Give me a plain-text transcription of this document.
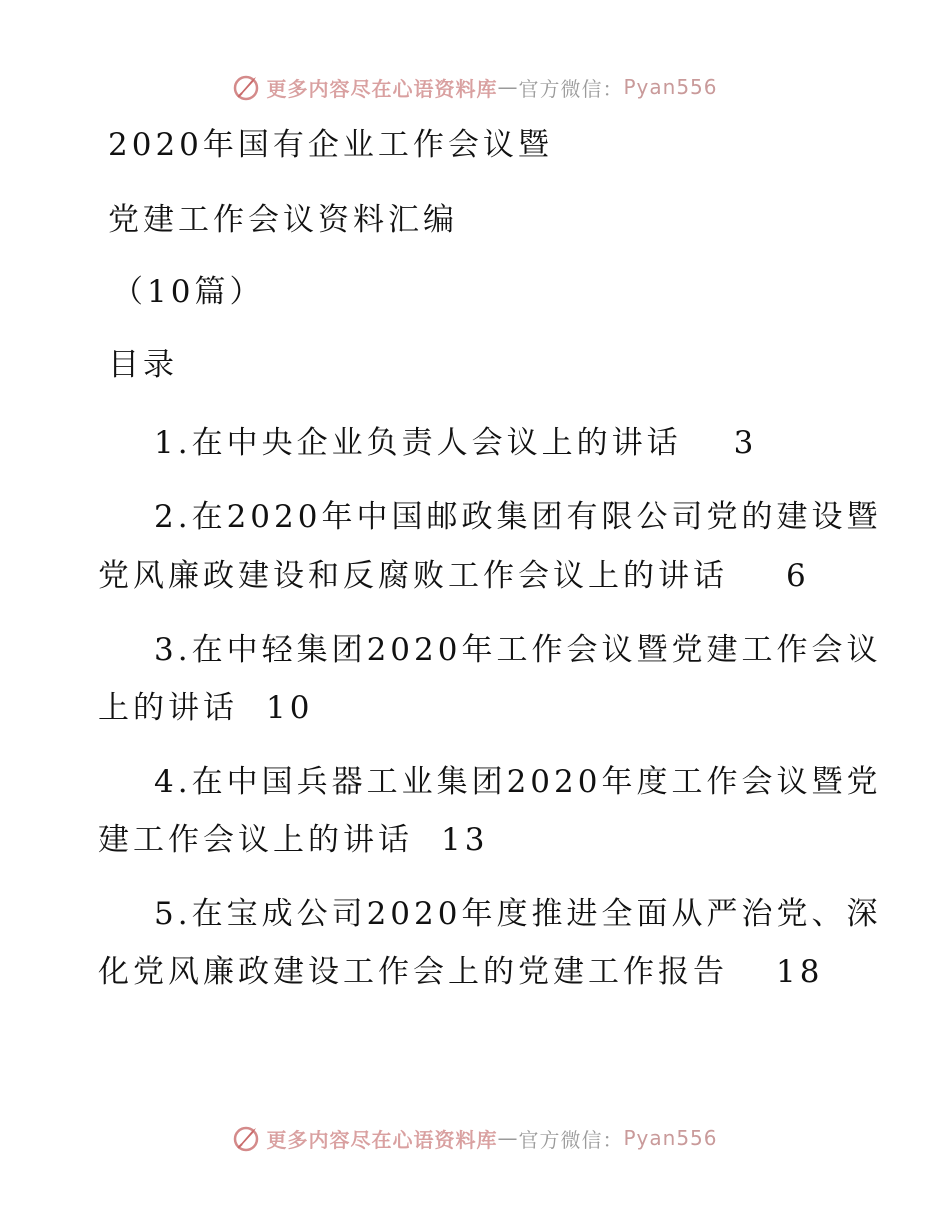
更多内容尽在心语资料库 — 官方微信： Pyan556
2020年国有企业工作会议暨
党建工作会议资料汇编
（10篇）
目录
1.在中央企业负责人会议上的讲话 3
2.在2020年中国邮政集团有限公司党的建设暨
党风廉政建设和反腐败工作会议上的讲话 6
3.在中轻集团2020年工作会议暨党建工作会议
上的讲话 10
4.在中国兵器工业集团2020年度工作会议暨党
建工作会议上的讲话 13
5.在宝成公司2020年度推进全面从严治党、深
化党风廉政建设工作会上的党建工作报告 18
更多内容尽在心语资料库 — 官方微信： Pyan556
